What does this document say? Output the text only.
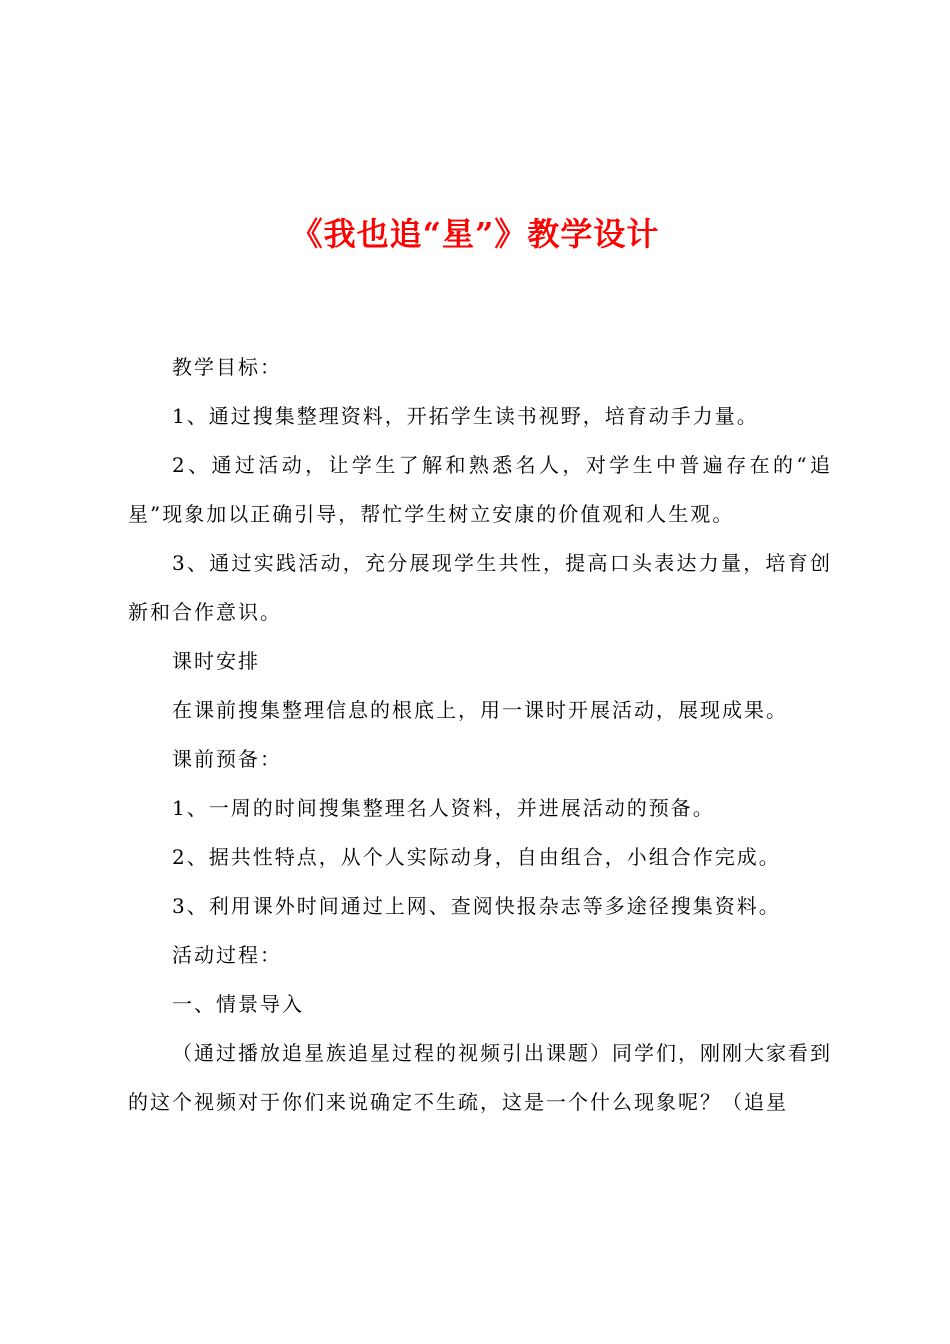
《我也追“星”》教学设计

教学目标：

1、通过搜集整理资料，开拓学生读书视野，培育动手力量。

2、通过活动，让学生了解和熟悉名人，对学生中普遍存在的“追星”现象加以正确引导，帮忙学生树立安康的价值观和人生观。

3、通过实践活动，充分展现学生共性，提高口头表达力量，培育创新和合作意识。

课时安排

在课前搜集整理信息的根底上，用一课时开展活动，展现成果。

课前预备：

1、一周的时间搜集整理名人资料，并进展活动的预备。

2、据共性特点，从个人实际动身，自由组合，小组合作完成。

3、利用课外时间通过上网、查阅快报杂志等多途径搜集资料。

活动过程：

一、情景导入

（通过播放追星族追星过程的视频引出课题）同学们，刚刚大家看到的这个视频对于你们来说确定不生疏，这是一个什么现象呢？（追星
